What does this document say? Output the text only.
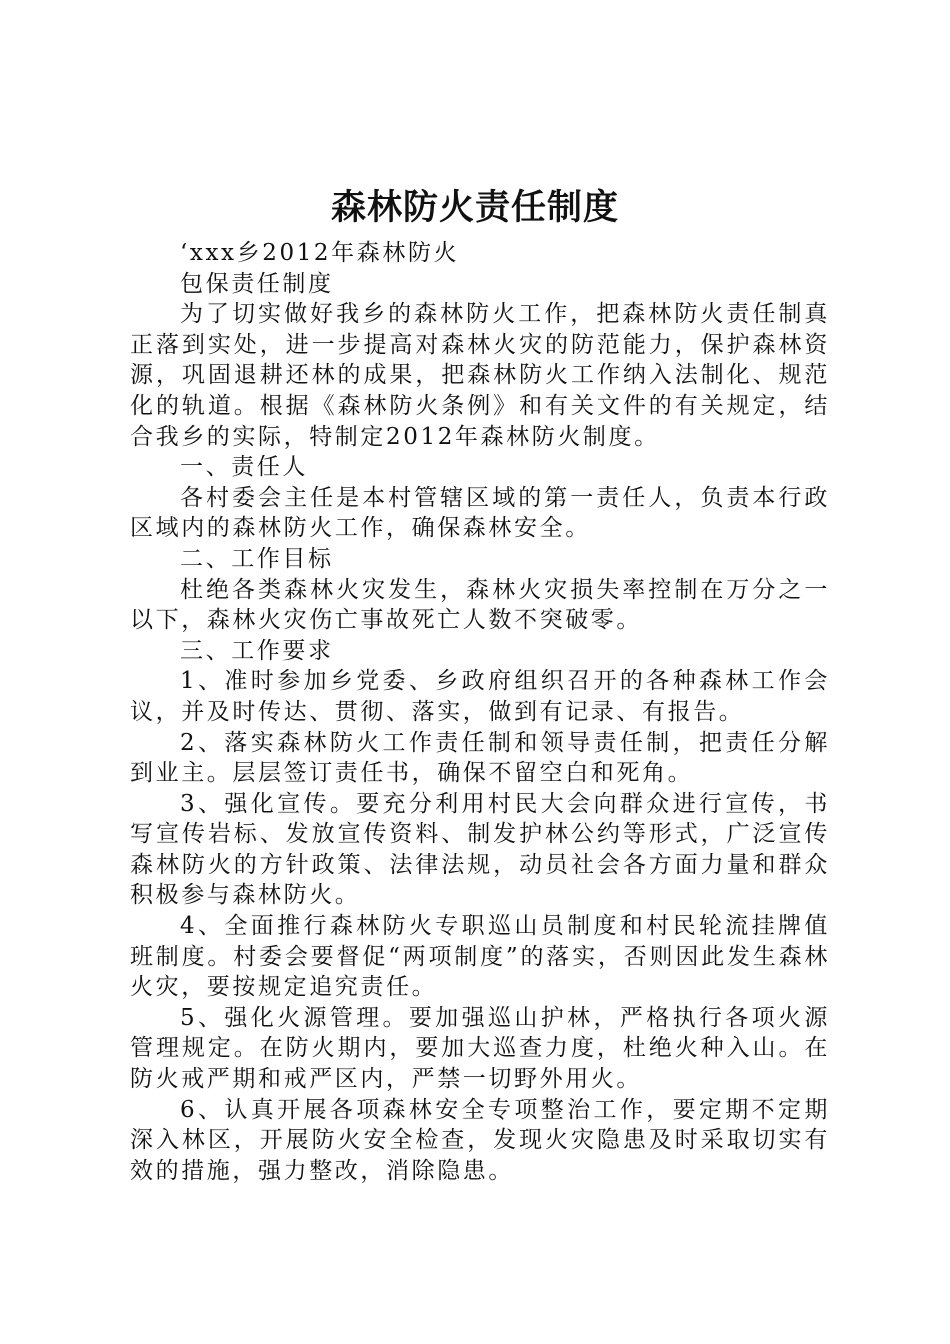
森林防火责任制度

‘xxx乡2012年森林防火

包保责任制度

为了切实做好我乡的森林防火工作，把森林防火责任制真正落到实处，进一步提高对森林火灾的防范能力，保护森林资源，巩固退耕还林的成果，把森林防火工作纳入法制化、规范化的轨道。根据《森林防火条例》和有关文件的有关规定，结合我乡的实际，特制定2012年森林防火制度。

一、责任人

各村委会主任是本村管辖区域的第一责任人，负责本行政区域内的森林防火工作，确保森林安全。

二、工作目标

杜绝各类森林火灾发生，森林火灾损失率控制在万分之一以下，森林火灾伤亡事故死亡人数不突破零。

三、工作要求

1、准时参加乡党委、乡政府组织召开的各种森林工作会议，并及时传达、贯彻、落实，做到有记录、有报告。

2、落实森林防火工作责任制和领导责任制，把责任分解到业主。层层签订责任书，确保不留空白和死角。

3、强化宣传。要充分利用村民大会向群众进行宣传，书写宣传岩标、发放宣传资料、制发护林公约等形式，广泛宣传森林防火的方针政策、法律法规，动员社会各方面力量和群众积极参与森林防火。

4、全面推行森林防火专职巡山员制度和村民轮流挂牌值班制度。村委会要督促“两项制度”的落实，否则因此发生森林火灾，要按规定追究责任。

5、强化火源管理。要加强巡山护林，严格执行各项火源管理规定。在防火期内，要加大巡查力度，杜绝火种入山。在防火戒严期和戒严区内，严禁一切野外用火。

6、认真开展各项森林安全专项整治工作，要定期不定期深入林区，开展防火安全检查，发现火灾隐患及时采取切实有效的措施，强力整改，消除隐患。
